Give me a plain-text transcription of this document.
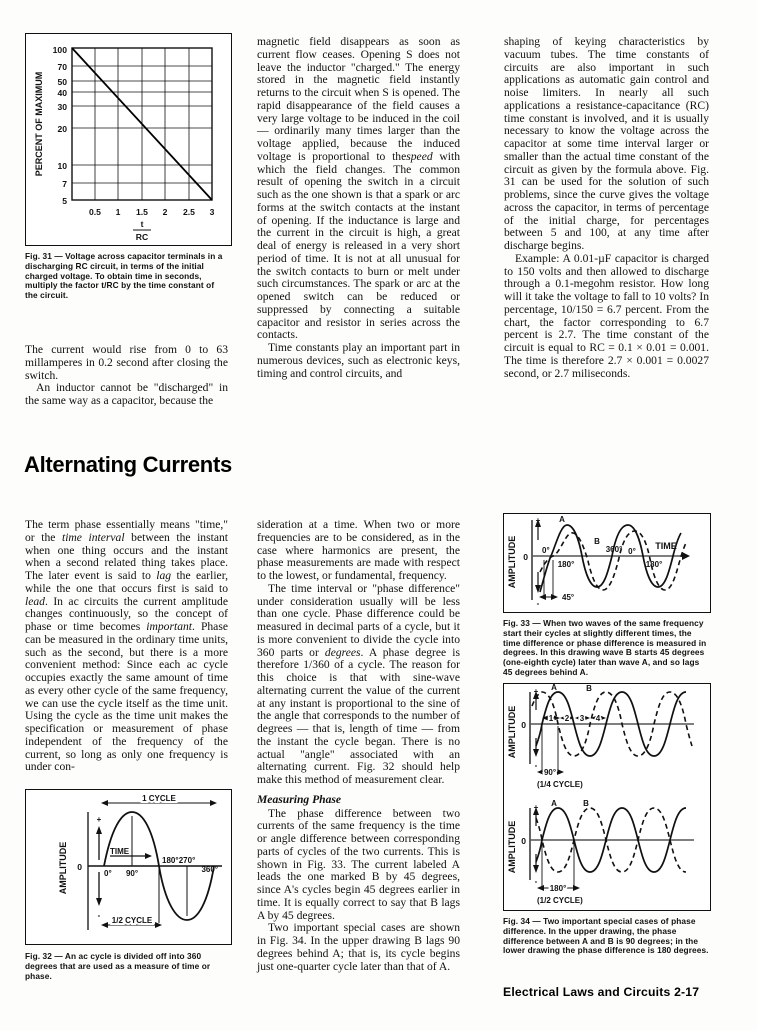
100
70
50
40
30
20
10
7
5
0.5 1 1.5 2 2.5 3
t
RC
PERCENT OF MAXIMUM
Fig. 31 — Voltage across capacitor terminals in a discharging RC circuit, in terms of the initial charged voltage. To obtain time in seconds, multiply the factor t/RC by the time constant of the circuit.

The current would rise from 0 to 63 millamperes in 0.2 second after closing the switch.

An inductor cannot be "discharged" in the same way as a capacitor, because the

magnetic field disappears as soon as current flow ceases. Opening S does not leave the inductor "charged." The energy stored in the magnetic field instantly returns to the circuit when S is opened. The rapid disappearance of the field causes a very large voltage to be induced in the coil — ordinarily many times larger than the voltage applied, because the induced voltage is proportional to thespeed with which the field changes. The common result of opening the switch in a circuit such as the one shown is that a spark or arc forms at the switch contacts at the instant of opening. If the inductance is large and the current in the circuit is high, a great deal of energy is released in a very short period of time. It is not at all unusual for the switch contacts to burn or melt under such circumstances. The spark or arc at the opened switch can be reduced or suppressed by connecting a suitable capacitor and resistor in series across the contacts.

Time constants play an important part in numerous devices, such as electronic keys, timing and control circuits, and

shaping of keying characteristics by vacuum tubes. The time constants of circuits are also important in such applications as automatic gain control and noise limiters. In nearly all such applications a resistance-capacitance (RC) time constant is involved, and it is usually necessary to know the voltage across the capacitor at some time interval larger or smaller than the actual time constant of the circuit as given by the formula above. Fig. 31 can be used for the solution of such problems, since the curve gives the voltage across the capacitor, in terms of percentage of the initial charge, for percentages between 5 and 100, at any time after discharge begins.

Example: A 0.01-µF capacitor is charged to 150 volts and then allowed to discharge through a 0.1-megohm resistor. How long will it take the voltage to fall to 10 volts? In percentage, 10/150 = 6.7 percent. From the chart, the factor corresponding to 6.7 percent is 2.7. The time constant of the circuit is equal to RC = 0.1 × 0.01 = 0.001. The time is therefore 2.7 × 0.001 = 0.0027 second, or 2.7 miliseconds.

Alternating Currents

The term phase essentially means "time," or the time interval between the instant when one thing occurs and the instant when a second related thing takes place. The later event is said to lag the earlier, while the one that occurs first is said to lead. In ac circuits the current amplitude changes continuously, so the concept of phase or time becomes important. Phase can be measured in the ordinary time units, such as the second, but there is a more convenient method: Since each ac cycle occupies exactly the same amount of time as every other cycle of the same frequency, we can use the cycle itself as the time unit. Using the cycle as the time unit makes the specification or measurement of phase independent of the frequency of the current, so long as only one frequency is under con-

sideration at a time. When two or more frequencies are to be considered, as in the case where harmonics are present, the phase measurements are made with respect to the lowest, or fundamental, frequency.

The time interval or "phase difference" under consideration usually will be less than one cycle. Phase difference could be measured in decimal parts of a cycle, but it is more convenient to divide the cycle into 360 parts or degrees. A phase degree is therefore 1/360 of a cycle. The reason for this choice is that with sine-wave alternating current the value of the current at any instant is proportional to the sine of the angle that corresponds to the number of degrees — that is, length of time — from the instant the cycle began. There is no actual "angle" associated with an alternating current. Fig. 32 should help make this method of measurement clear.

Measuring Phase

The phase difference between two currents of the same frequency is the time or angle difference between corresponding parts of cycles of the two currents. This is shown in Fig. 33. The current labeled A leads the one marked B by 45 degrees, since A's cycles begin 45 degrees earlier in time. It is equally correct to say that B lags A by 45 degrees.

Two important special cases are shown in Fig. 34. In the upper drawing B lags 90 degrees behind A; that is, its cycle begins just one-quarter cycle later than that of A.

+
-
AMPLITUDE 0
1 CYCLE
1/2 CYCLE
TIME
0° 90°
180° 270°
360°
Fig. 32 — An ac cycle is divided off into 360 degrees that are used as a measure of time or phase.
AMPLITUDE
+
-
0
TIME
A
B
0°
180°
360° 0°
180°
45°
Fig. 33 — When two waves of the same frequency start their cycles at slightly different times, the time difference or phase difference is measured in degrees. In this drawing wave B starts 45 degrees (one-eighth cycle) later than wave A, and so lags 45 degrees behind A.
AMPLITUDE
+
-
0
A	B
1 2 3 4
90°
(1/4 CYCLE)
AMPLITUDE
+
-
0
A	B
180°
(1/2 CYCLE)
Fig. 34 — Two important special cases of phase difference. In the upper drawing, the phase difference between A and B is 90 degrees; in the lower drawing the phase difference is 180 degrees.
Electrical Laws and Circuits 2-17
